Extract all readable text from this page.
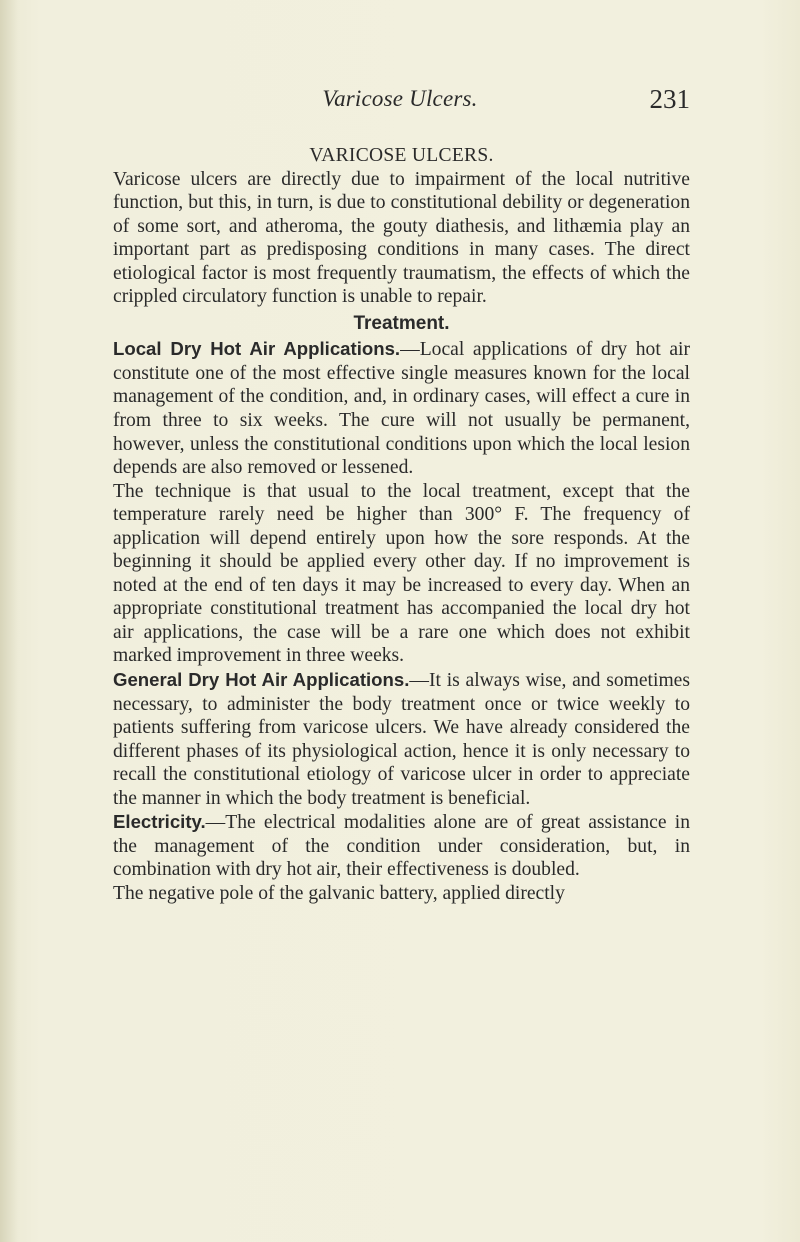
Varicose Ulcers.	231
VARICOSE ULCERS.

Varicose ulcers are directly due to impairment of the local nutritive function, but this, in turn, is due to constitutional debility or degeneration of some sort, and atheroma, the gouty diathesis, and lithæmia play an important part as predisposing conditions in many cases. The direct etiological factor is most frequently traumatism, the effects of which the crippled circulatory function is unable to repair.

Treatment.

Local Dry Hot Air Applications.—Local applications of dry hot air constitute one of the most effective single measures known for the local management of the condition, and, in ordinary cases, will effect a cure in from three to six weeks. The cure will not usually be permanent, however, unless the constitutional conditions upon which the local lesion depends are also removed or lessened.

The technique is that usual to the local treatment, except that the temperature rarely need be higher than 300° F. The frequency of application will depend entirely upon how the sore responds. At the beginning it should be applied every other day. If no improvement is noted at the end of ten days it may be increased to every day. When an appropriate constitutional treatment has accompanied the local dry hot air applications, the case will be a rare one which does not exhibit marked improvement in three weeks.

General Dry Hot Air Applications.—It is always wise, and sometimes necessary, to administer the body treatment once or twice weekly to patients suffering from varicose ulcers. We have already considered the different phases of its physiological action, hence it is only necessary to recall the constitutional etiology of varicose ulcer in order to appreciate the manner in which the body treatment is beneficial.

Electricity.—The electrical modalities alone are of great assistance in the management of the condition under consideration, but, in combination with dry hot air, their effectiveness is doubled.

The negative pole of the galvanic battery, applied directly
